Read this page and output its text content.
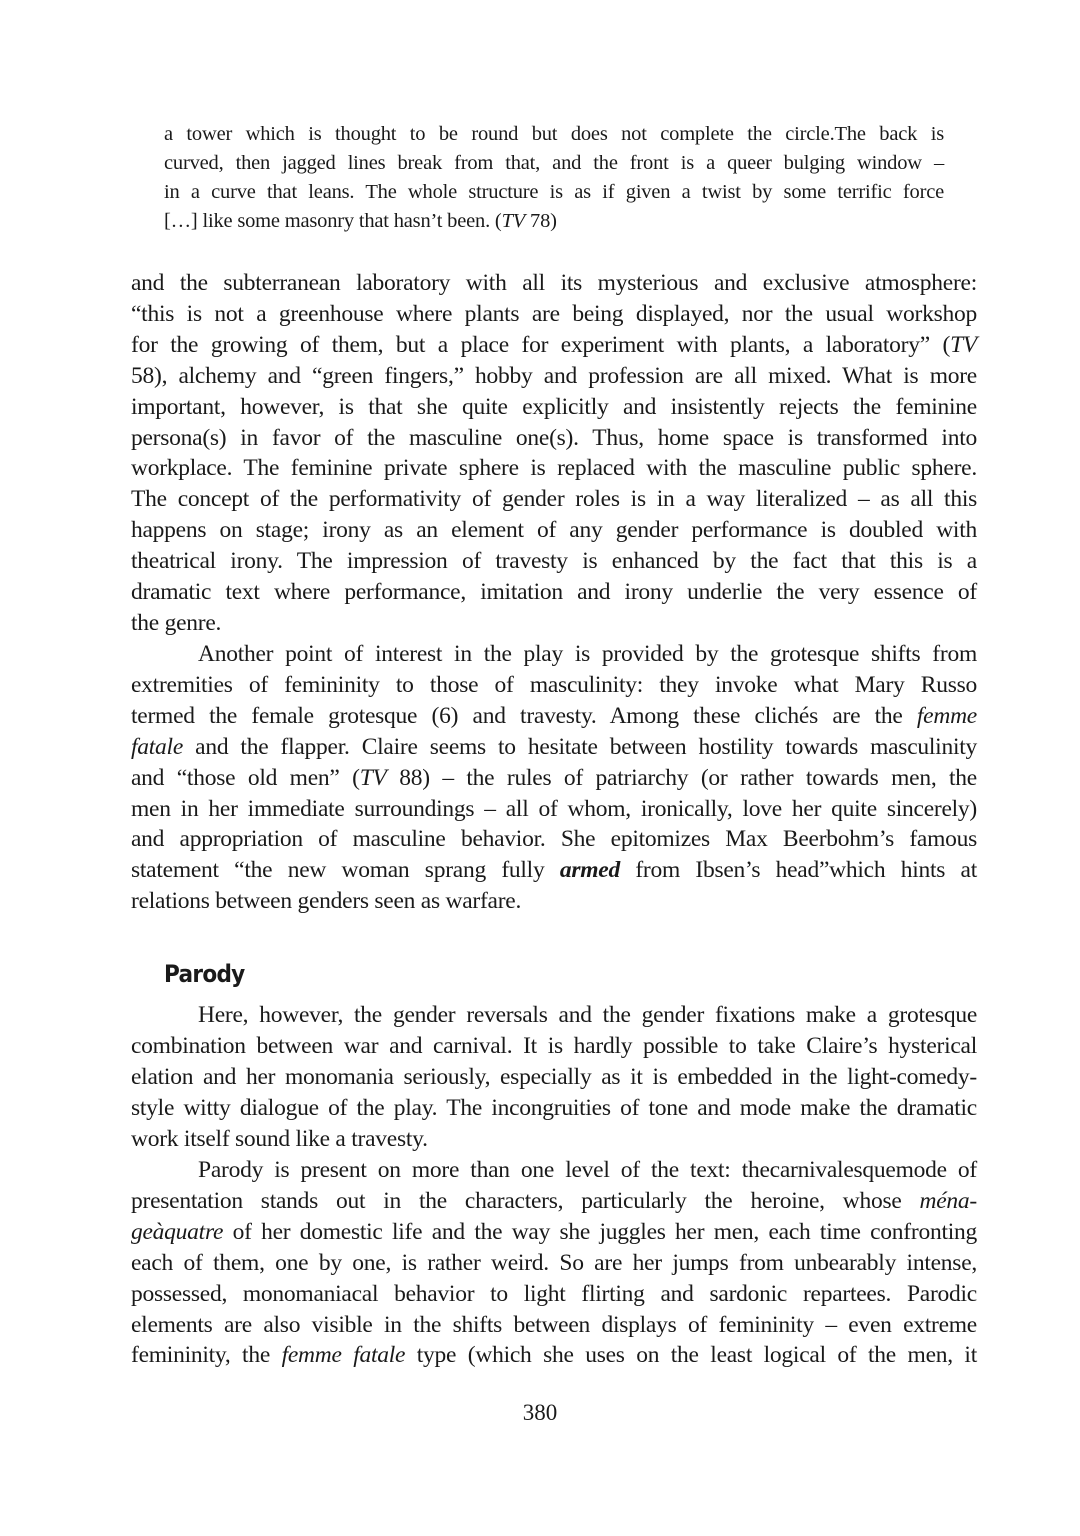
a tower which is thought to be round but does not complete the circle.The back is
curved, then jagged lines break from that, and the front is a queer bulging window –
in a curve that leans. The whole structure is as if given a twist by some terrific force
[…] like some masonry that hasn’t been. (TV 78)
and the subterranean laboratory with all its mysterious and exclusive atmosphere:
“this is not a greenhouse where plants are being displayed, nor the usual workshop
for the growing of them, but a place for experiment with plants, a laboratory” (TV
58), alchemy and “green fingers,” hobby and profession are all mixed. What is more
important, however, is that she quite explicitly and insistently rejects the feminine
persona(s) in favor of the masculine one(s). Thus, home space is transformed into
workplace. The feminine private sphere is replaced with the masculine public sphere.
The concept of the performativity of gender roles is in a way literalized – as all this
happens on stage; irony as an element of any gender performance is doubled with
theatrical irony. The impression of travesty is enhanced by the fact that this is a
dramatic text where performance, imitation and irony underlie the very essence of
the genre.
Another point of interest in the play is provided by the grotesque shifts from
extremities of femininity to those of masculinity: they invoke what Mary Russo
termed the female grotesque (6) and travesty. Among these clichés are the femme
fatale and the flapper. Claire seems to hesitate between hostility towards masculinity
and “those old men” (TV 88) – the rules of patriarchy (or rather towards men, the
men in her immediate surroundings – all of whom, ironically, love her quite sincerely)
and appropriation of masculine behavior. She epitomizes Max Beerbohm’s famous
statement “the new woman sprang fully armed from Ibsen’s head”which hints at
relations between genders seen as warfare.
Parody
Here, however, the gender reversals and the gender fixations make a grotesque
combination between war and carnival. It is hardly possible to take Claire’s hysterical
elation and her monomania seriously, especially as it is embedded in the light-comedy-
style witty dialogue of the play. The incongruities of tone and mode make the dramatic
work itself sound like a travesty.
Parody is present on more than one level of the text: thecarnivalesquemode of
presentation stands out in the characters, particularly the heroine, whose ména-
geàquatre of her domestic life and the way she juggles her men, each time confronting
each of them, one by one, is rather weird. So are her jumps from unbearably intense,
possessed, monomaniacal behavior to light flirting and sardonic repartees. Parodic
elements are also visible in the shifts between displays of femininity – even extreme
femininity, the femme fatale type (which she uses on the least logical of the men, it
380
